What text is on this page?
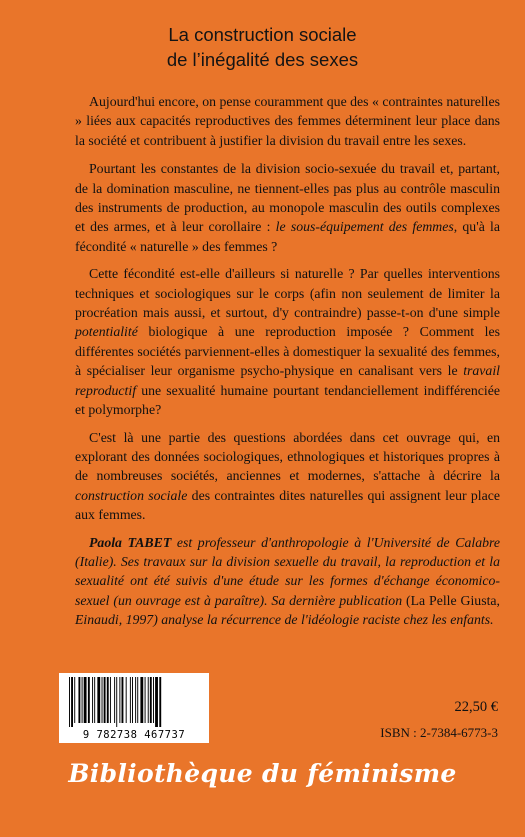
La construction sociale
de l’inégalité des sexes

Aujourd'hui encore, on pense couramment que des « contraintes naturelles » liées aux capacités reproductives des femmes déterminent leur place dans la société et contribuent à justifier la division du travail entre les sexes.

Pourtant les constantes de la division socio-sexuée du travail et, partant, de la domination masculine, ne tiennent-elles pas plus au contrôle masculin des instruments de production, au monopole masculin des outils complexes et des armes, et à leur corollaire : le sous-équipement des femmes, qu'à la fécondité « naturelle » des femmes ?

Cette fécondité est-elle d'ailleurs si naturelle ? Par quelles interventions techniques et sociologiques sur le corps (afin non seulement de limiter la procréation mais aussi, et surtout, d'y contraindre) passe-t-on d'une simple potentialité biologique à une reproduction imposée ? Comment les différentes sociétés parviennent-elles à domestiquer la sexualité des femmes, à spécialiser leur organisme psycho-physique en canalisant vers le travail reproductif une sexualité humaine pourtant tendanciellement indifférenciée et polymorphe?

C'est là une partie des questions abordées dans cet ouvrage qui, en explorant des données sociologiques, ethnologiques et historiques propres à de nombreuses sociétés, anciennes et modernes, s'attache à décrire la construction sociale des contraintes dites naturelles qui assignent leur place aux femmes.

Paola TABET est professeur d'anthropologie à l'Université de Calabre (Italie). Ses travaux sur la division sexuelle du travail, la reproduction et la sexualité ont été suivis d'une étude sur les formes d'échange économico-sexuel (un ouvrage est à paraître). Sa dernière publication (La Pelle Giusta, Einaudi, 1997) analyse la récurrence de l'idéologie raciste chez les enfants.

9 782738 467737
22,50 €
ISBN : 2-7384-6773-3
Bibliothèque du féminisme
